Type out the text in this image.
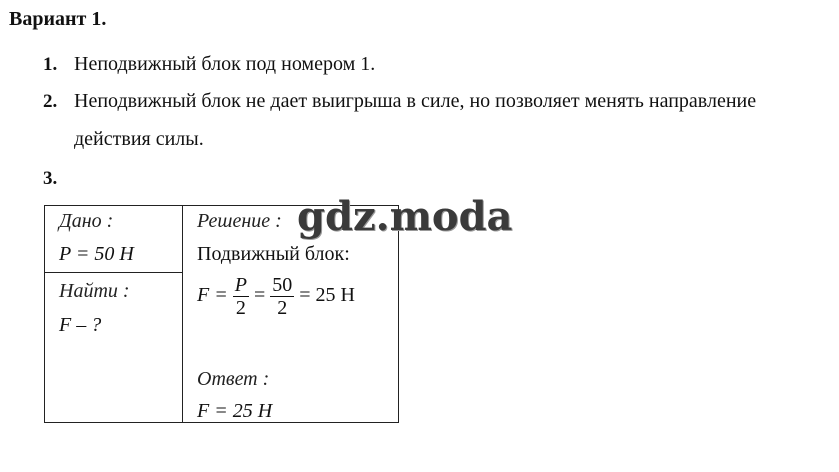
Вариант 1.
1. Неподвижный блок под номером 1.
2. Неподвижный блок не дает выигрыша в силе, но позволяет менять направление
действия силы.
3.
Дано :
P = 50 Н
Найти :
F – ?
Решение :
Подвижный блок:
$F = \frac{P}{2} = \frac{50}{2} = 25$ Н
Ответ :
F = 25 Н
gdz.moda
